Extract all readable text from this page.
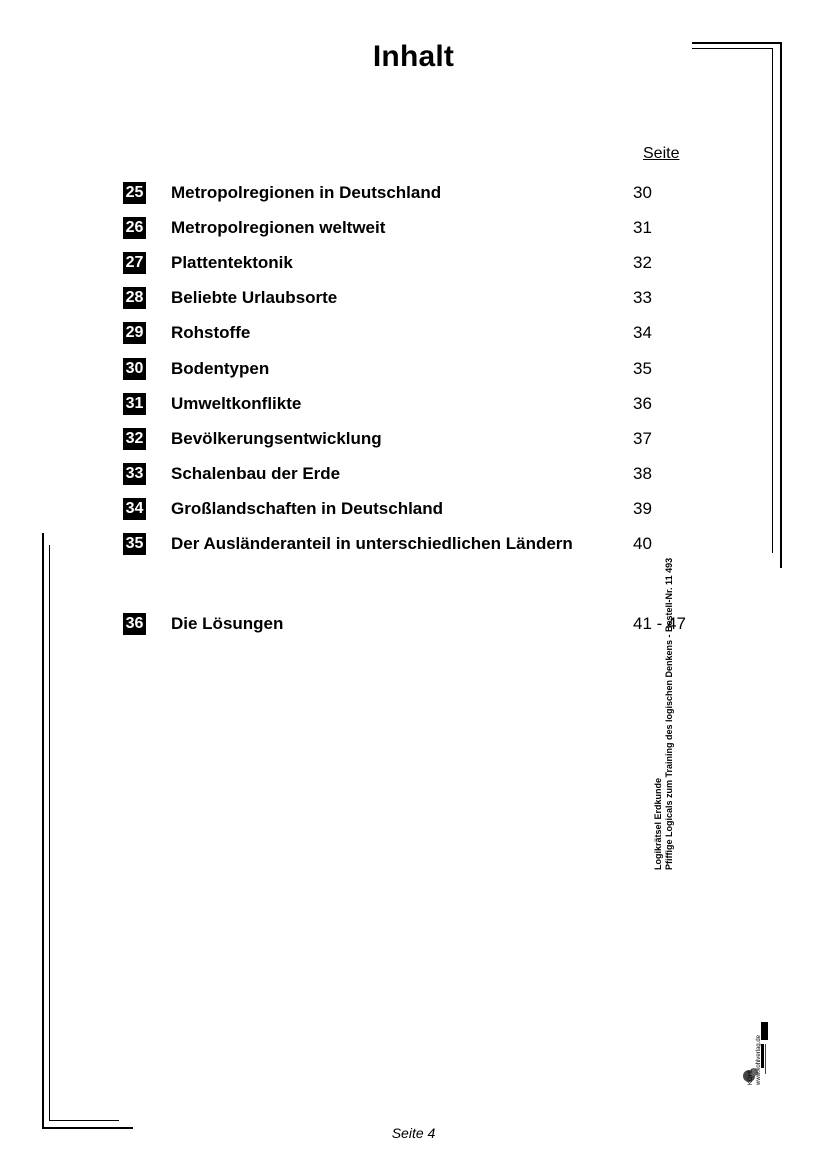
Inhalt
Seite
25 Metropolregionen in Deutschland	30
26 Metropolregionen weltweit	31
27 Plattentektonik	32
28 Beliebte Urlaubsorte	33
29 Rohstoffe	34
30 Bodentypen	35
31 Umweltkonflikte	36
32 Bevölkerungsentwicklung	37
33 Schalenbau der Erde	38
34 Großlandschaften in Deutschland	39
35 Der Ausländeranteil in unterschiedlichen Ländern	40
36 Die Lösungen	41 - 47
Logikrätsel Erdkunde Pfiffige Logicals zum Training des logischen Denkens - Bestell-Nr. 11 493
KOHL www.kohlverlag.de
Seite 4
